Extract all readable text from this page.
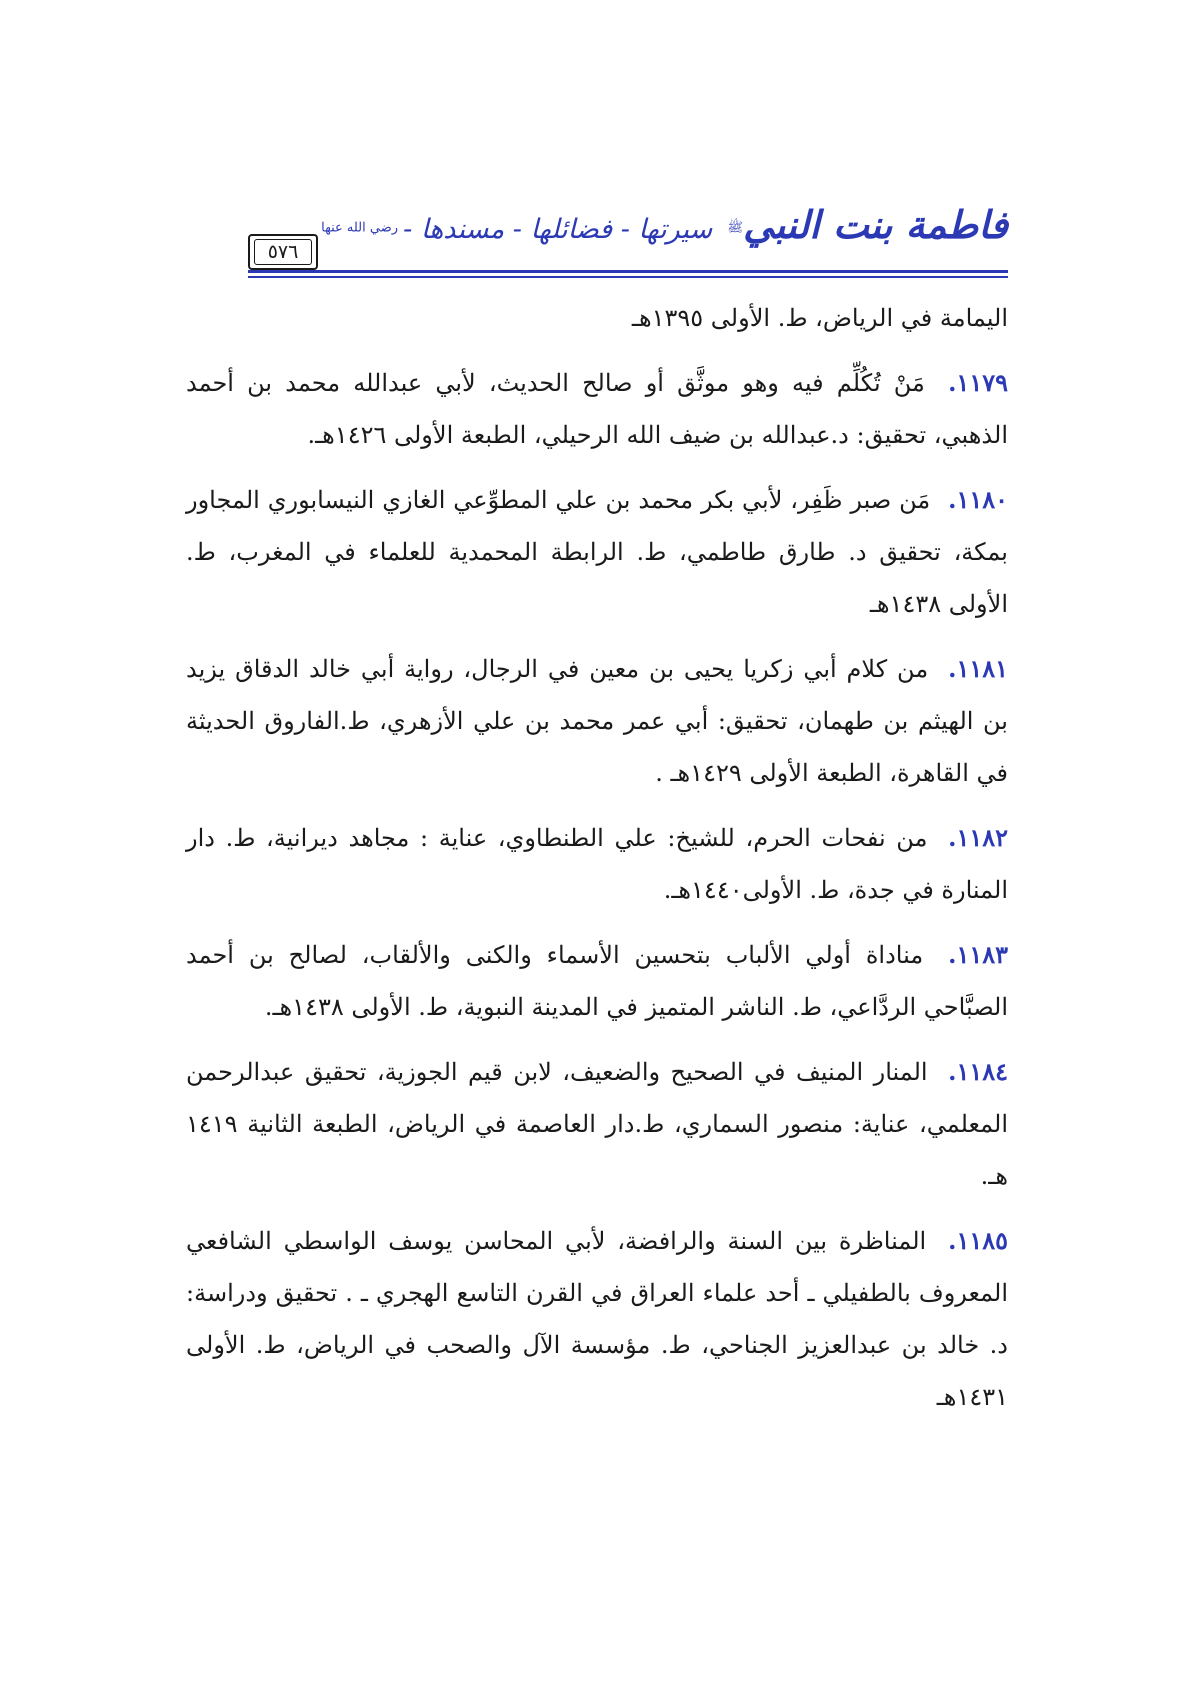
٥٧٦
فاطمة بنت النبي$^ﷺ$ سيرتها - فضائلها - مسندها - $^{رضي الله عنها}$

اليمامة في الرياض، ط. الأولى ١٣٩٥هـ

١١٧٩. مَنْ تُكُلِّم فيه وهو موثَّق أو صالح الحديث، لأبي عبدالله محمد بن أحمد الذهبي، تحقيق: د.عبدالله بن ضيف الله الرحيلي، الطبعة الأولى ١٤٢٦هـ.

١١٨٠. مَن صبر ظَفِر، لأبي بكر محمد بن علي المطوِّعي الغازي النيسابوري المجاور بمكة، تحقيق د. طارق طاطمي، ط. الرابطة المحمدية للعلماء في المغرب، ط. الأولى ١٤٣٨هـ

١١٨١. من كلام أبي زكريا يحيى بن معين في الرجال، رواية أبي خالد الدقاق يزيد بن الهيثم بن طهمان، تحقيق: أبي عمر محمد بن علي الأزهري، ط.الفاروق الحديثة في القاهرة، الطبعة الأولى ١٤٢٩هـ .

١١٨٢. من نفحات الحرم، للشيخ: علي الطنطاوي، عناية : مجاهد ديرانية، ط. دار المنارة في جدة، ط. الأولى١٤٤٠هـ.

١١٨٣. مناداة أولي الألباب بتحسين الأسماء والكنى والألقاب، لصالح بن أحمد الصبَّاحي الردَّاعي، ط. الناشر المتميز في المدينة النبوية، ط. الأولى ١٤٣٨هـ.

١١٨٤. المنار المنيف في الصحيح والضعيف، لابن قيم الجوزية، تحقيق عبدالرحمن المعلمي، عناية: منصور السماري، ط.دار العاصمة في الرياض، الطبعة الثانية ١٤١٩ هـ.

١١٨٥. المناظرة بين السنة والرافضة، لأبي المحاسن يوسف الواسطي الشافعي المعروف بالطفيلي ـ أحد علماء العراق في القرن التاسع الهجري ـ . تحقيق ودراسة: د. خالد بن عبدالعزيز الجناحي، ط. مؤسسة الآل والصحب في الرياض، ط. الأولى ١٤٣١هـ
